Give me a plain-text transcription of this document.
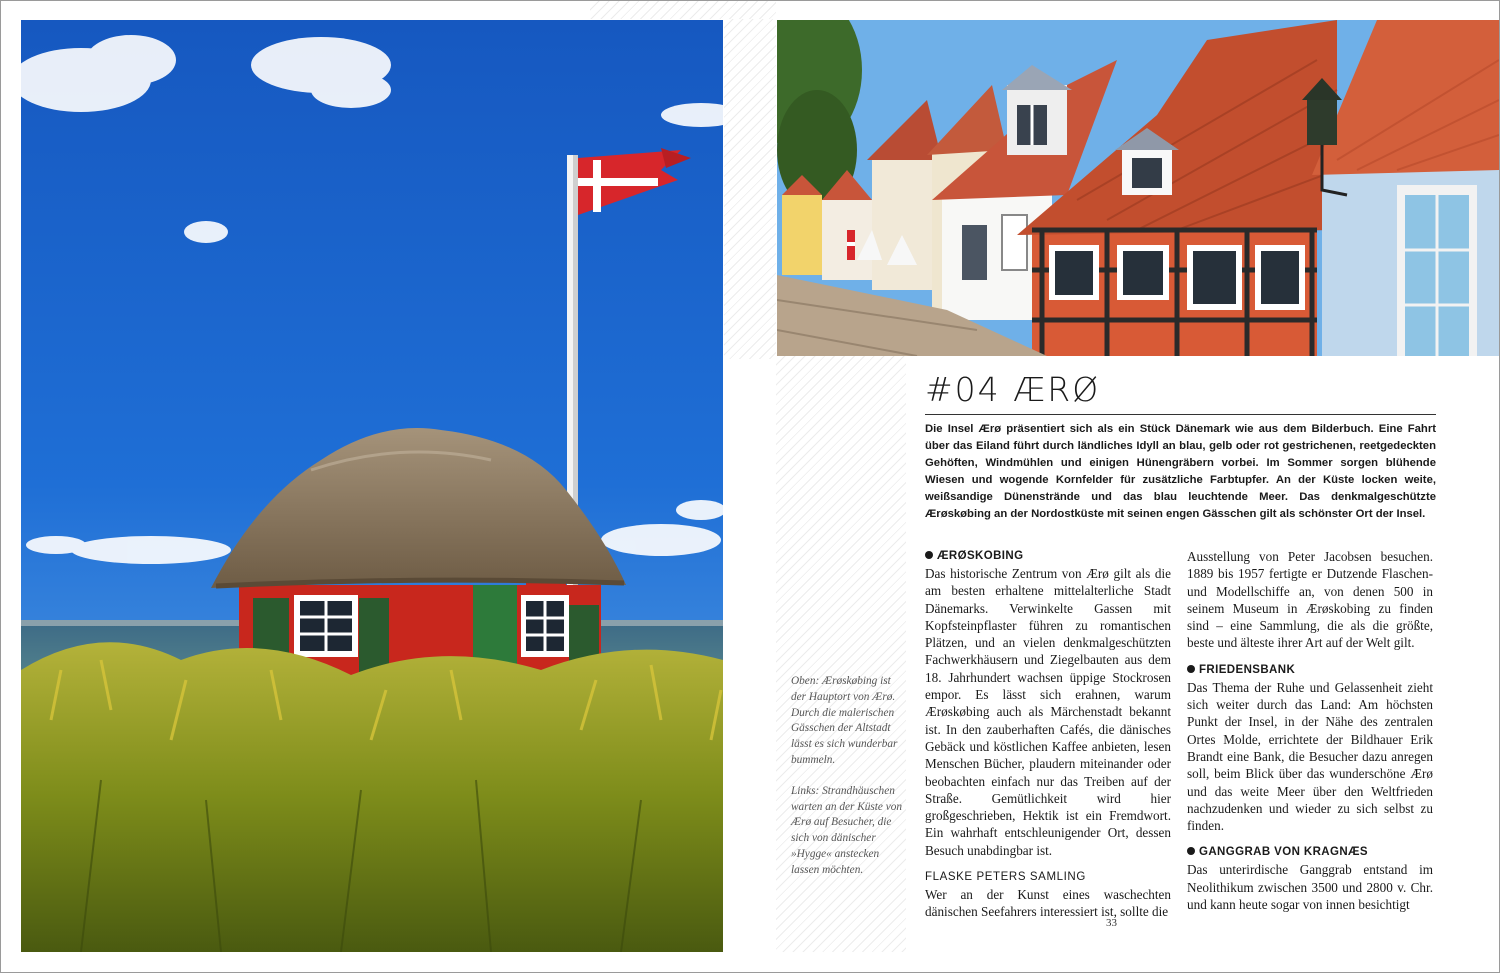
#04 ÆRØ

Die Insel Ærø präsentiert sich als ein Stück Dänemark wie aus dem Bilderbuch. Eine Fahrt über das Eiland führt durch ländliches Idyll an blau, gelb oder rot gestrichenen, reetgedeckten Gehöften, Windmühlen und einigen Hünengräbern vorbei. Im Sommer sorgen blühende Wiesen und wogende Kornfelder für zusätzliche Farbtupfer. An der Küste locken weite, weißsandige Dünenstrände und das blau leuchtende Meer. Das denkmalgeschützte Ærøskøbing an der Nordostküste mit seinen engen Gässchen gilt als schönster Ort der Insel.

ÆRØSKOBING

Das historische Zentrum von Ærø gilt als die am besten erhaltene mittelalterliche Stadt Dänemarks. Verwinkelte Gassen mit Kopfsteinpflaster führen zu romantischen Plätzen, und an vielen denkmalgeschützten Fachwerkhäusern und Ziegelbauten aus dem 18. Jahrhundert wachsen üppige Stockrosen empor. Es lässt sich erahnen, warum Ærøskøbing auch als Märchenstadt bekannt ist. In den zauberhaften Cafés, die dänisches Gebäck und köstlichen Kaffee anbieten, lesen Menschen Bücher, plaudern miteinander oder beobachten einfach nur das Treiben auf der Straße. Gemütlichkeit wird hier großgeschrieben, Hektik ist ein Fremdwort. Ein wahrhaft entschleunigender Ort, dessen Besuch unabdingbar ist.

FLASKE PETERS SAMLING

Wer an der Kunst eines waschechten dänischen Seefahrers interessiert ist, sollte die

Ausstellung von Peter Jacobsen besuchen. 1889 bis 1957 fertigte er Dutzende Flaschen- und Modellschiffe an, von denen 500 in seinem Museum in Ærøskobing zu finden sind – eine Sammlung, die als die größte, beste und älteste ihrer Art auf der Welt gilt.

FRIEDENSBANK

Das Thema der Ruhe und Gelassenheit zieht sich weiter durch das Land: Am höchsten Punkt der Insel, in der Nähe des zentralen Ortes Molde, errichtete der Bildhauer Erik Brandt eine Bank, die Besucher dazu anregen soll, beim Blick über das wunderschöne Ærø und das weite Meer über den Weltfrieden nachzudenken und wieder zu sich selbst zu finden.

GANGGRAB VON KRAGNÆS

Das unterirdische Ganggrab entstand im Neolithikum zwischen 3500 und 2800 v. Chr. und kann heute sogar von innen besichtigt

Oben: Ærøskøbing ist der Hauptort von Ærø. Durch die malerischen Gässchen der Altstadt lässt es sich wunderbar bummeln.

Links: Strandhäuschen warten an der Küste von Ærø auf Besucher, die sich von dänischer »Hygge« anstecken lassen möchten.

33
